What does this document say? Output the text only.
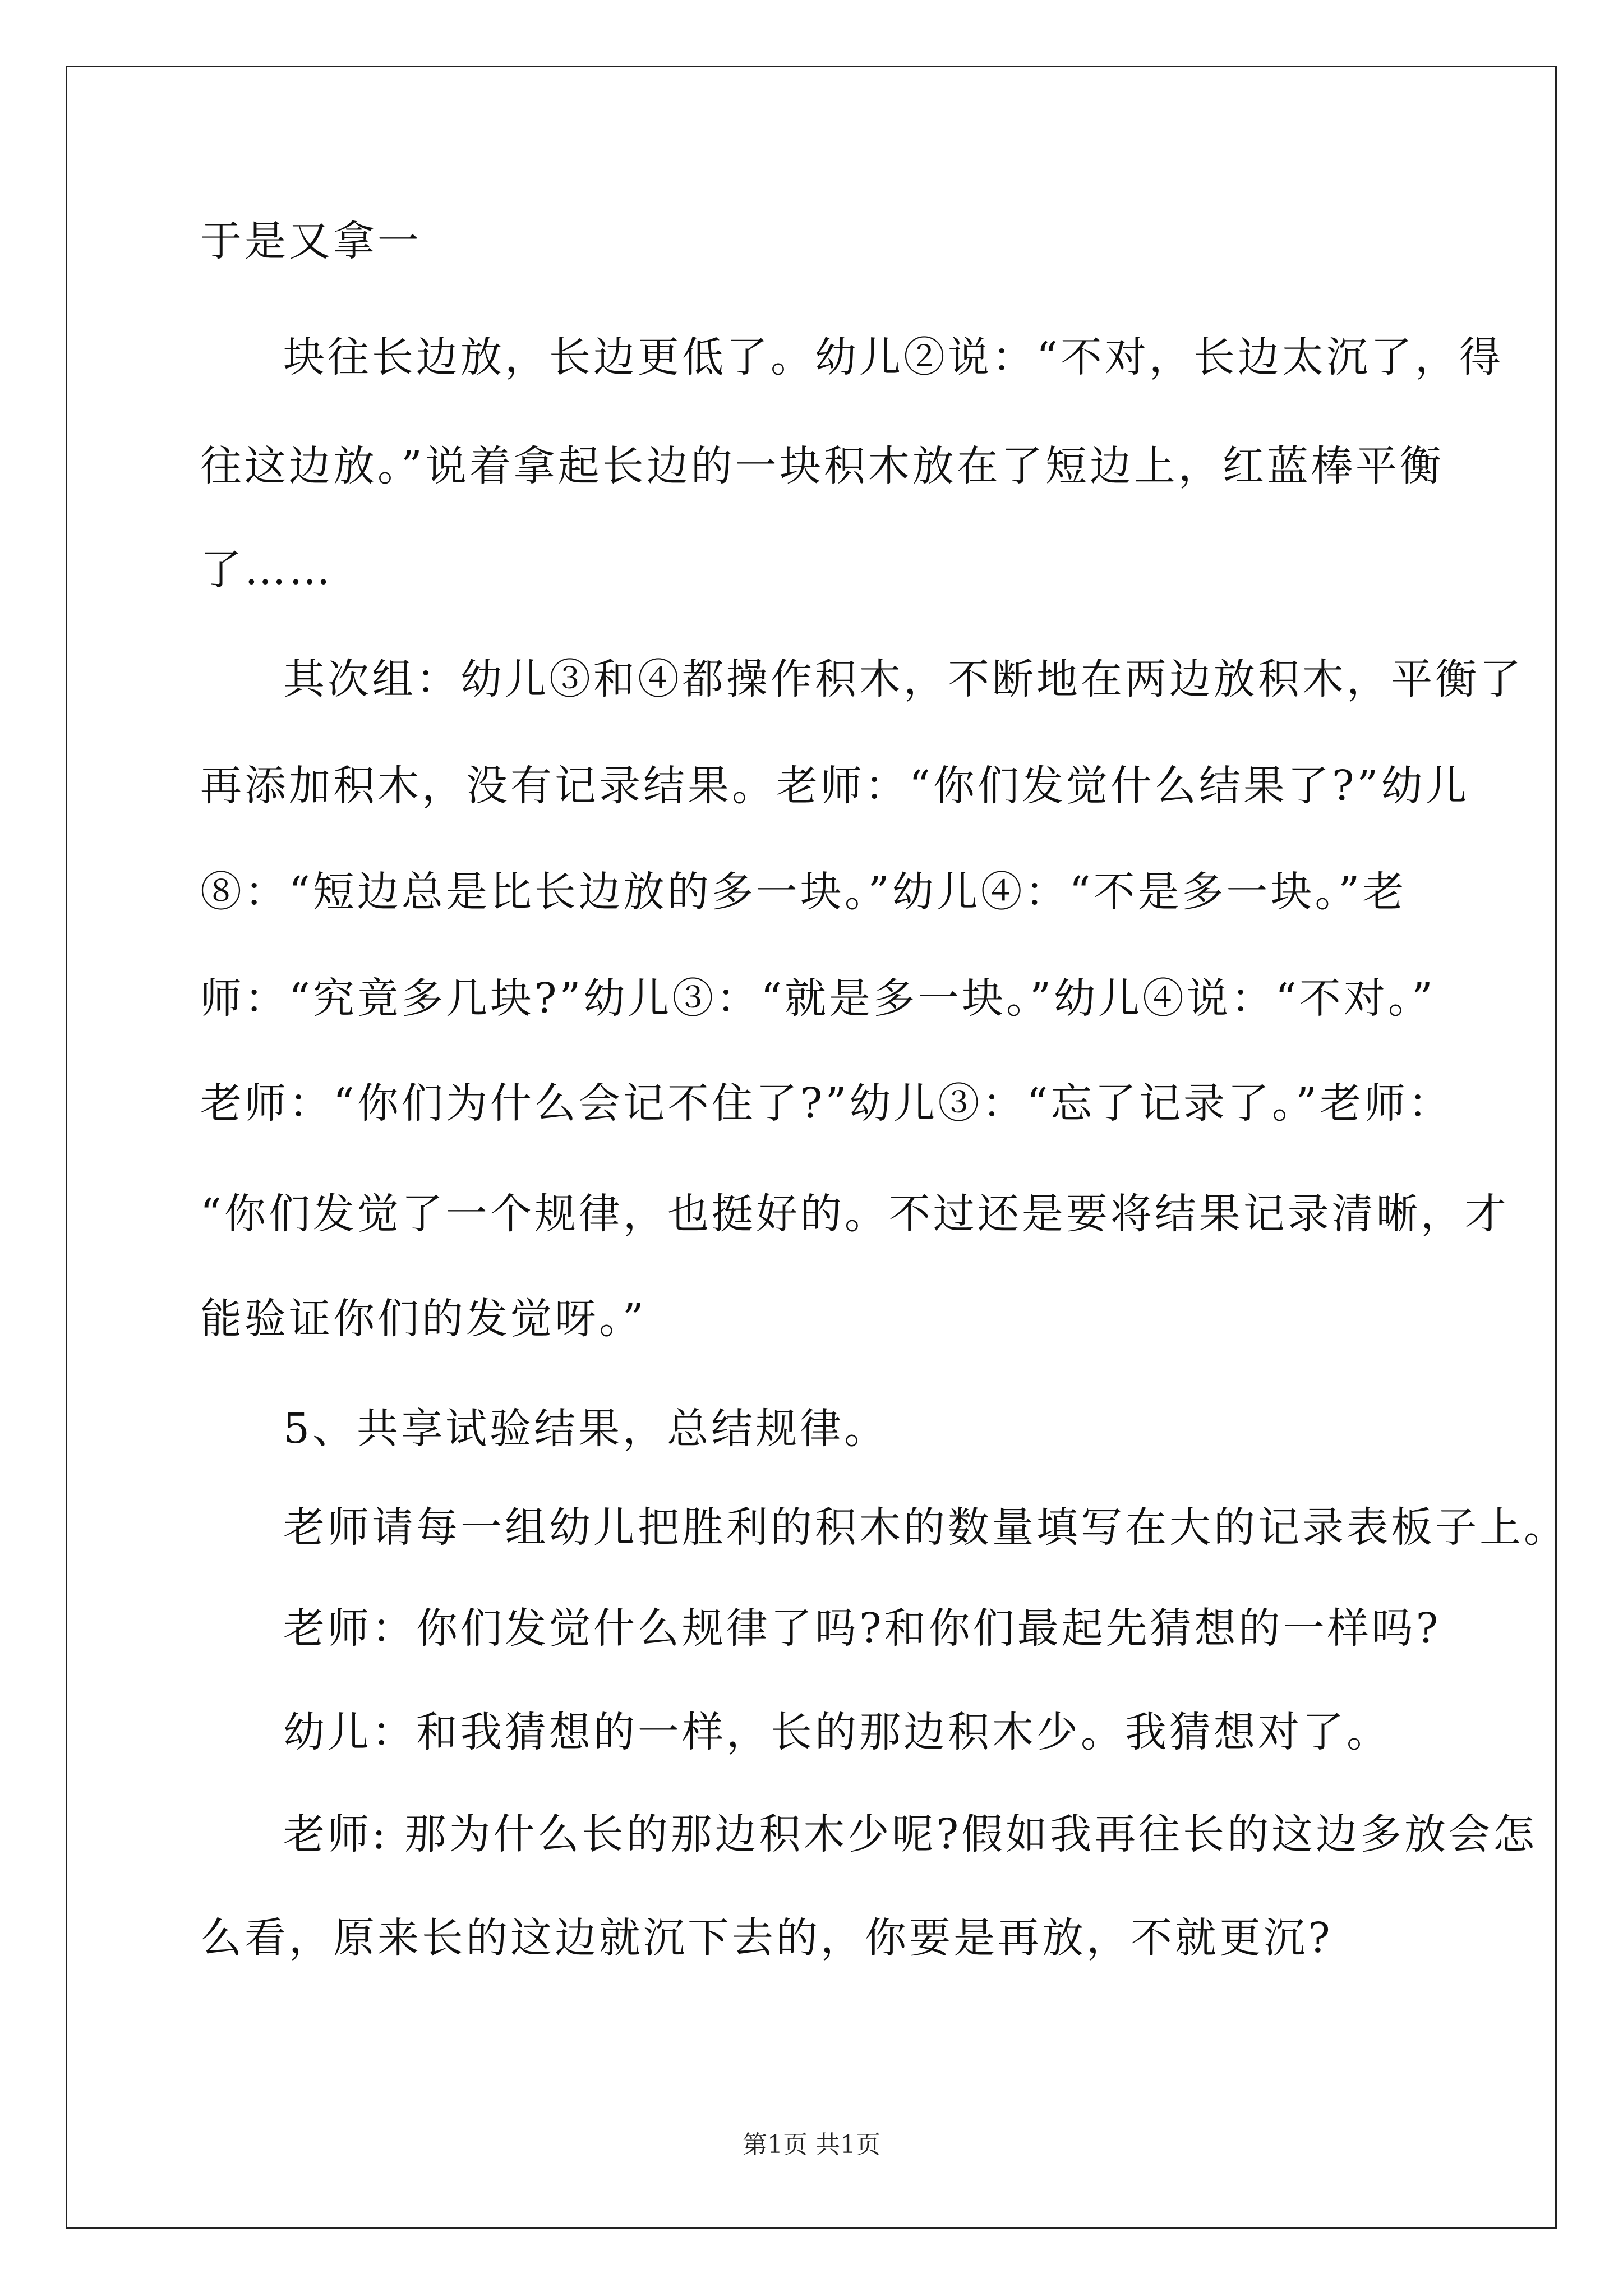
于是又拿一
块往长边放，长边更低了。幼儿②说：“不对，长边太沉了，得
往这边放。”说着拿起长边的一块积木放在了短边上，红蓝棒平衡
了……
其次组：幼儿③和④都操作积木，不断地在两边放积木，平衡了
再添加积木，没有记录结果。老师：“你们发觉什么结果了?”幼儿
⑧：“短边总是比长边放的多一块。”幼儿④：“不是多一块。”老
师：“究竟多几块?”幼儿③：“就是多一块。”幼儿④说：“不对。”
老师：“你们为什么会记不住了?”幼儿③：“忘了记录了。”老师：
“你们发觉了一个规律，也挺好的。不过还是要将结果记录清晰，才
能验证你们的发觉呀。”
5、共享试验结果，总结规律。
老师请每一组幼儿把胜利的积木的数量填写在大的记录表板子上。
老师：你们发觉什么规律了吗?和你们最起先猜想的一样吗?
幼儿：和我猜想的一样，长的那边积木少。我猜想对了。
老师: 那为什么长的那边积木少呢?假如我再往长的这边多放会怎
么看，原来长的这边就沉下去的，你要是再放，不就更沉?
第1页 共1页
